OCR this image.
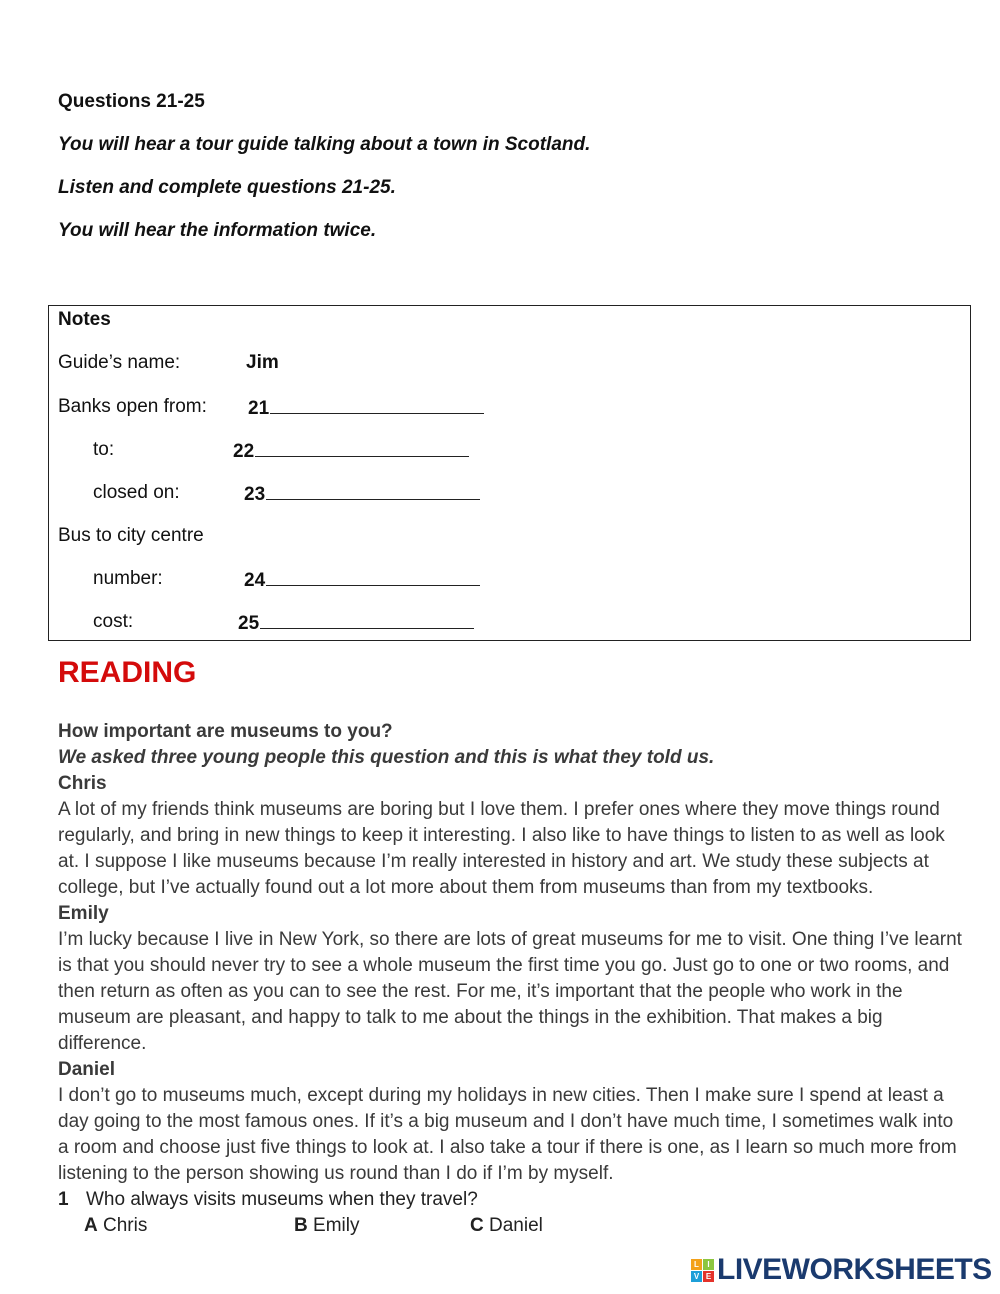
Questions 21-25
You will hear a tour guide talking about a town in Scotland.
Listen and complete questions 21-25.
You will hear the information twice.
Notes
Guide’s name:	Jim
Banks open from: 21
to:	22
closed on:	23
Bus to city centre
number:	24
cost:	25
READING

How important are museums to you?

We asked three young people this question and this is what they told us.

Chris

A lot of my friends think museums are boring but I love them. I prefer ones where they move things round regularly, and bring in new things to keep it interesting. I also like to have things to listen to as well as look at. I suppose I like museums because I’m really interested in history and art. We study these subjects at college, but I’ve actually found out a lot more about them from museums than from my textbooks.

Emily

I’m lucky because I live in New York, so there are lots of great museums for me to visit. One thing I’ve learnt is that you should never try to see a whole museum the first time you go. Just go to one or two rooms, and then return as often as you can to see the rest. For me, it’s important that the people who work in the museum are pleasant, and happy to talk to me about the things in the exhibition. That makes a big difference.

Daniel

I don’t go to museums much, except during my holidays in new cities. Then I make sure I spend at least a day going to the most famous ones. If it’s a big museum and I don’t have much time, I sometimes walk into a room and choose just five things to look at. I also take a tour if there is one, as I learn so much more from listening to the person showing us round than I do if I’m by myself.

1 Who always visits museums when they travel?

A Chris	B Emily	C Daniel

L	I
V E LIVEWORKSHEETS
